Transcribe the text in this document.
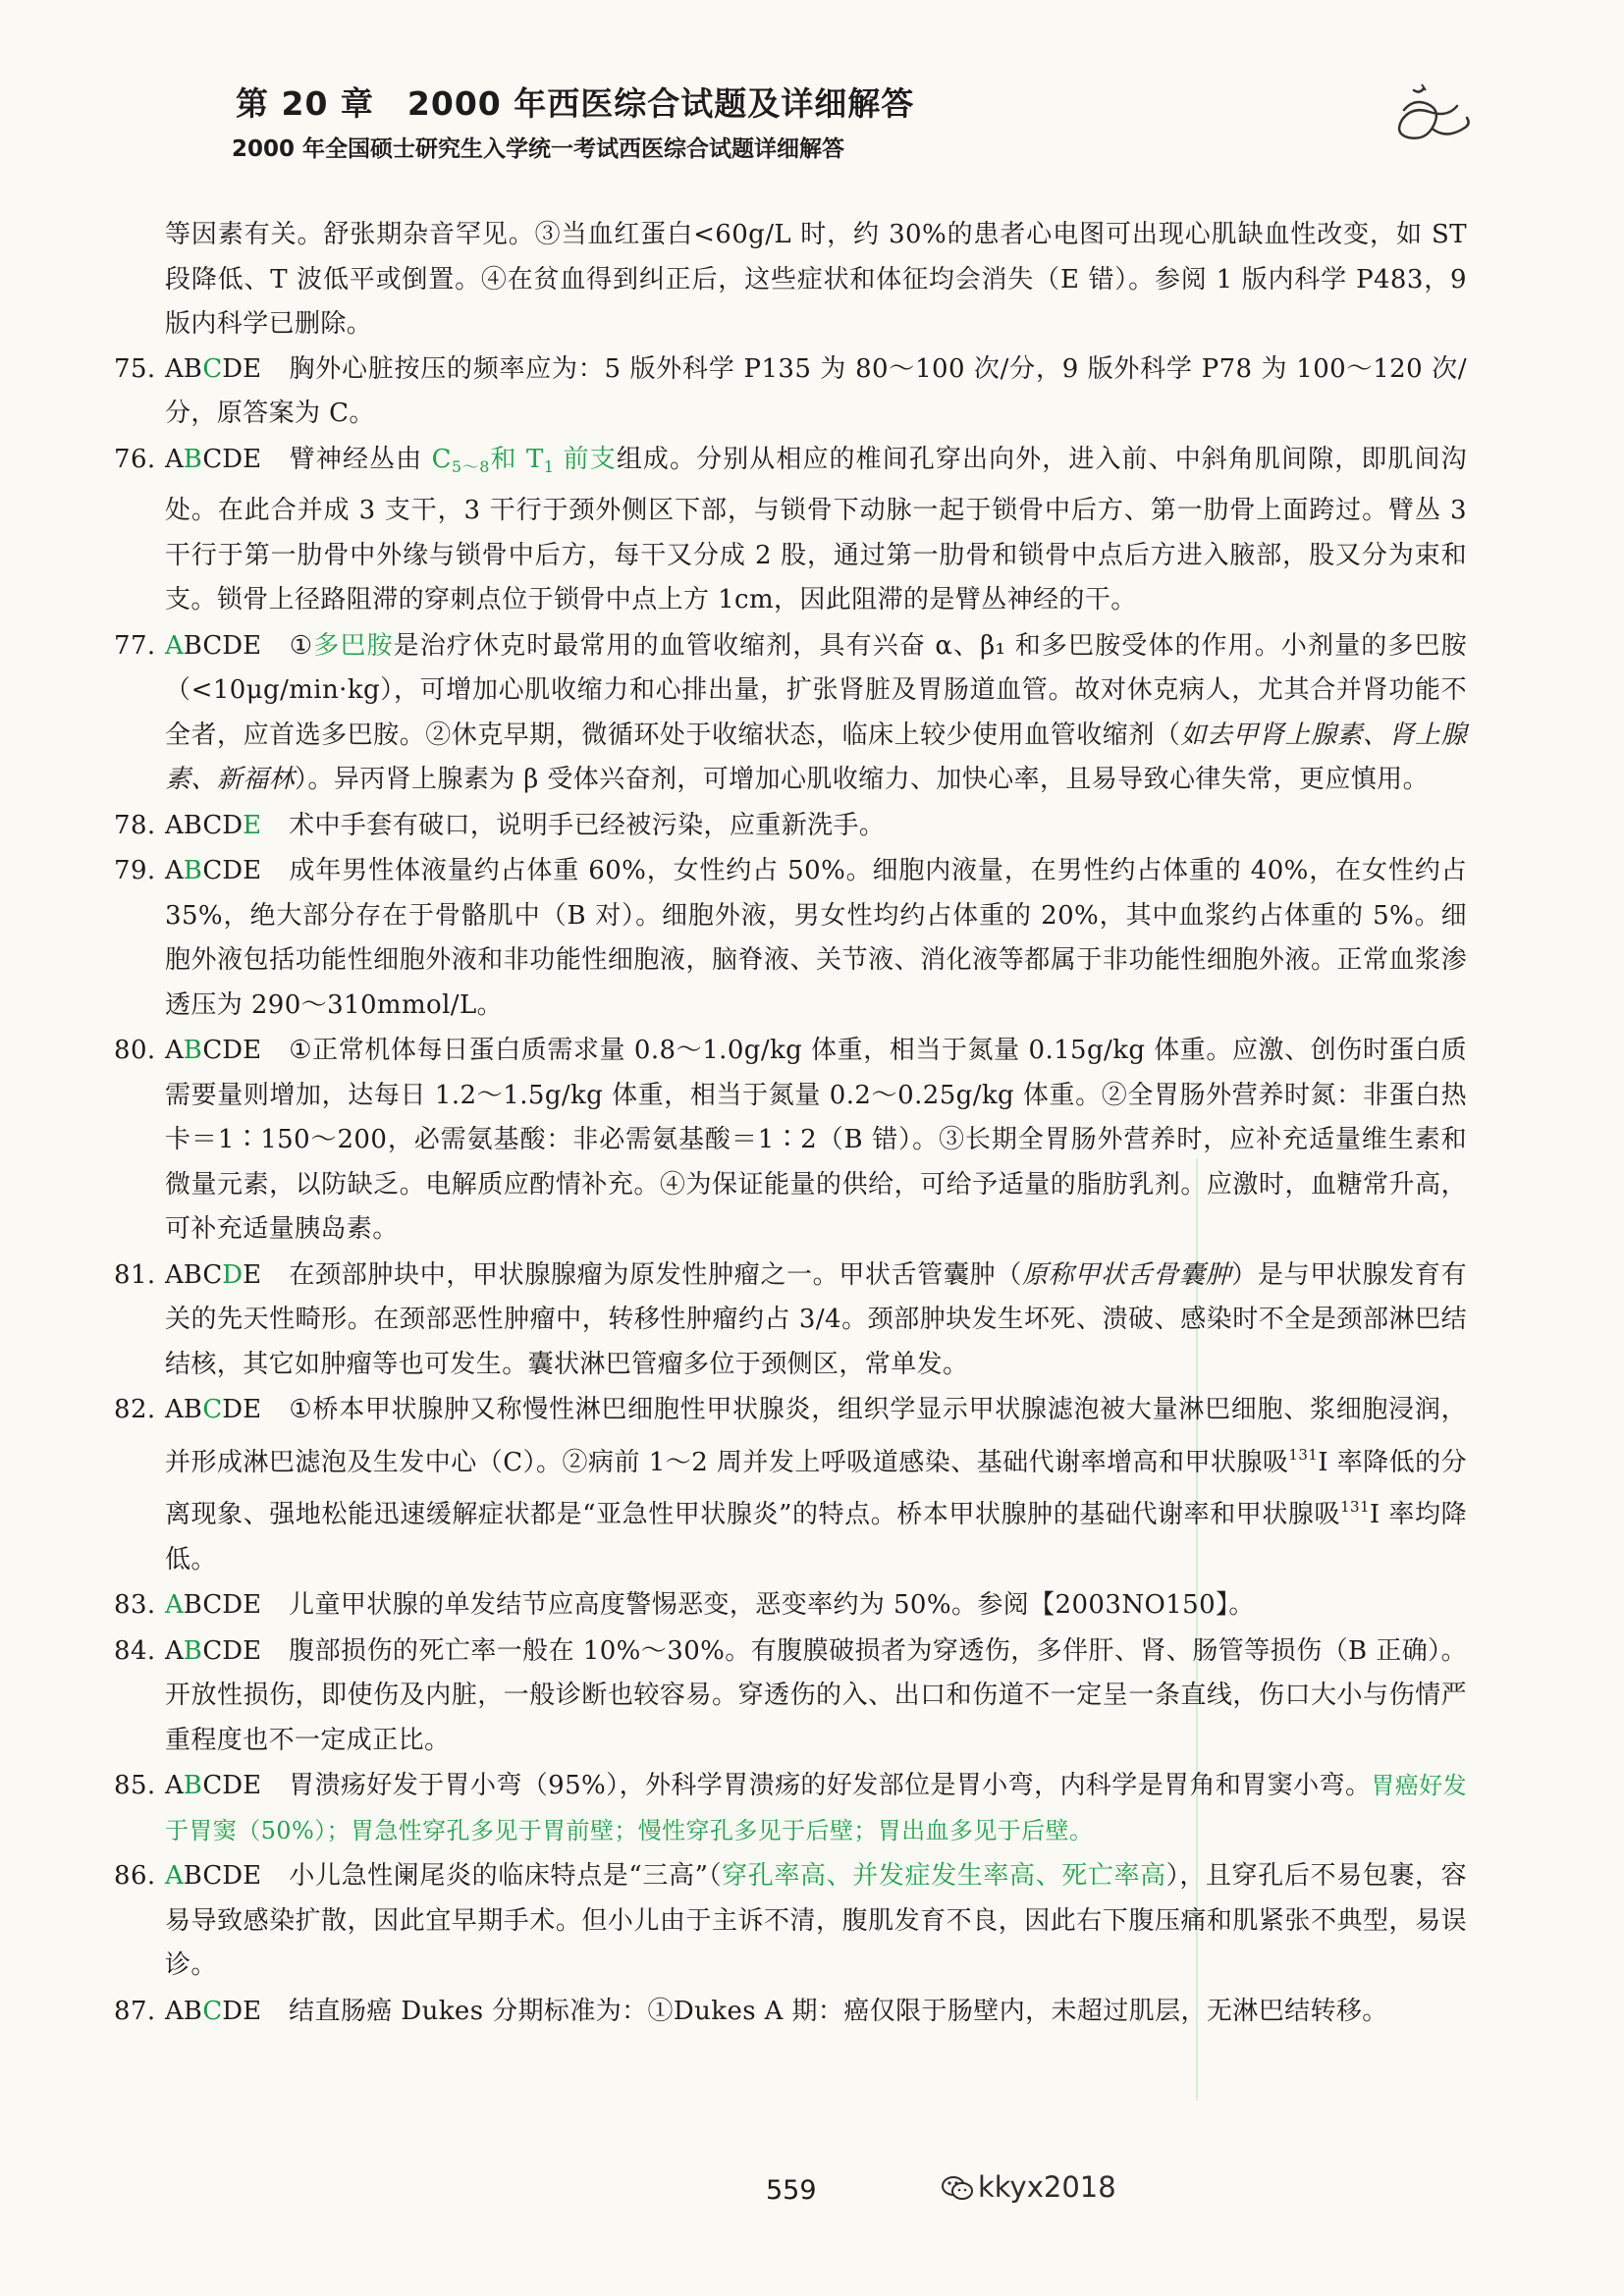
第 20 章　2000 年西医综合试题及详细解答
2000 年全国硕士研究生入学统一考试西医综合试题详细解答

等因素有关。舒张期杂音罕见。③当血红蛋白<60g/L 时，约 30%的患者心电图可出现心肌缺血性改变，如 ST 段降低、T 波低平或倒置。④在贫血得到纠正后，这些症状和体征均会消失（E 错）。参阅 1 版内科学 P483，9 版内科学已删除。

75. ABCDE 胸外心脏按压的频率应为：5 版外科学 P135 为 80～100 次/分，9 版外科学 P78 为 100～120 次/分，原答案为 C。

76. ABCDE 臂神经丛由 $C_{5\sim 8}$和 $T_1$ 前支组成。分别从相应的椎间孔穿出向外，进入前、中斜角肌间隙，即肌间沟处。在此合并成 3 支干，3 干行于颈外侧区下部，与锁骨下动脉一起于锁骨中后方、第一肋骨上面跨过。臂丛 3 干行于第一肋骨中外缘与锁骨中后方，每干又分成 2 股，通过第一肋骨和锁骨中点后方进入腋部，股又分为束和支。锁骨上径路阻滞的穿刺点位于锁骨中点上方 1cm，因此阻滞的是臂丛神经的干。

77. ABCDE ①多巴胺是治疗休克时最常用的血管收缩剂，具有兴奋 α、β₁ 和多巴胺受体的作用。小剂量的多巴胺（<10μg/min·kg），可增加心肌收缩力和心排出量，扩张肾脏及胃肠道血管。故对休克病人，尤其合并肾功能不全者，应首选多巴胺。②休克早期，微循环处于收缩状态，临床上较少使用血管收缩剂（如去甲肾上腺素、肾上腺素、新福林）。异丙肾上腺素为 β 受体兴奋剂，可增加心肌收缩力、加快心率，且易导致心律失常，更应慎用。

78. ABCDE 术中手套有破口，说明手已经被污染，应重新洗手。

79. ABCDE 成年男性体液量约占体重 60%，女性约占 50%。细胞内液量，在男性约占体重的 40%，在女性约占 35%，绝大部分存在于骨骼肌中（B 对）。细胞外液，男女性均约占体重的 20%，其中血浆约占体重的 5%。细胞外液包括功能性细胞外液和非功能性细胞液，脑脊液、关节液、消化液等都属于非功能性细胞外液。正常血浆渗透压为 290～310mmol/L。

80. ABCDE ①正常机体每日蛋白质需求量 0.8～1.0g/kg 体重，相当于氮量 0.15g/kg 体重。应激、创伤时蛋白质需要量则增加，达每日 1.2～1.5g/kg 体重，相当于氮量 0.2～0.25g/kg 体重。②全胃肠外营养时氮：非蛋白热卡＝1∶150～200，必需氨基酸：非必需氨基酸＝1∶2（B 错）。③长期全胃肠外营养时，应补充适量维生素和微量元素，以防缺乏。电解质应酌情补充。④为保证能量的供给，可给予适量的脂肪乳剂。应激时，血糖常升高，可补充适量胰岛素。

81. ABCDE 在颈部肿块中，甲状腺腺瘤为原发性肿瘤之一。甲状舌管囊肿（原称甲状舌骨囊肿）是与甲状腺发育有关的先天性畸形。在颈部恶性肿瘤中，转移性肿瘤约占 3/4。颈部肿块发生坏死、溃破、感染时不全是颈部淋巴结结核，其它如肿瘤等也可发生。囊状淋巴管瘤多位于颈侧区，常单发。

82. ABCDE ①桥本甲状腺肿又称慢性淋巴细胞性甲状腺炎，组织学显示甲状腺滤泡被大量淋巴细胞、浆细胞浸润，并形成淋巴滤泡及生发中心（C）。②病前 1～2 周并发上呼吸道感染、基础代谢率增高和甲状腺吸$^{131}$I 率降低的分离现象、强地松能迅速缓解症状都是“亚急性甲状腺炎”的特点。桥本甲状腺肿的基础代谢率和甲状腺吸$^{131}$I 率均降低。

83. ABCDE 儿童甲状腺的单发结节应高度警惕恶变，恶变率约为 50%。参阅【2003NO150】。

84. ABCDE 腹部损伤的死亡率一般在 10%～30%。有腹膜破损者为穿透伤，多伴肝、肾、肠管等损伤（B 正确）。开放性损伤，即使伤及内脏，一般诊断也较容易。穿透伤的入、出口和伤道不一定呈一条直线，伤口大小与伤情严重程度也不一定成正比。

85. ABCDE 胃溃疡好发于胃小弯（95%），外科学胃溃疡的好发部位是胃小弯，内科学是胃角和胃窦小弯。胃癌好发于胃窦（50%）；胃急性穿孔多见于胃前壁；慢性穿孔多见于后壁；胃出血多见于后壁。

86. ABCDE 小儿急性阑尾炎的临床特点是“三高”（穿孔率高、并发症发生率高、死亡率高），且穿孔后不易包裹，容易导致感染扩散，因此宜早期手术。但小儿由于主诉不清，腹肌发育不良，因此右下腹压痛和肌紧张不典型，易误诊。

87. ABCDE 结直肠癌 Dukes 分期标准为：①Dukes A 期：癌仅限于肠壁内，未超过肌层，无淋巴结转移。

559	kkyx2018
